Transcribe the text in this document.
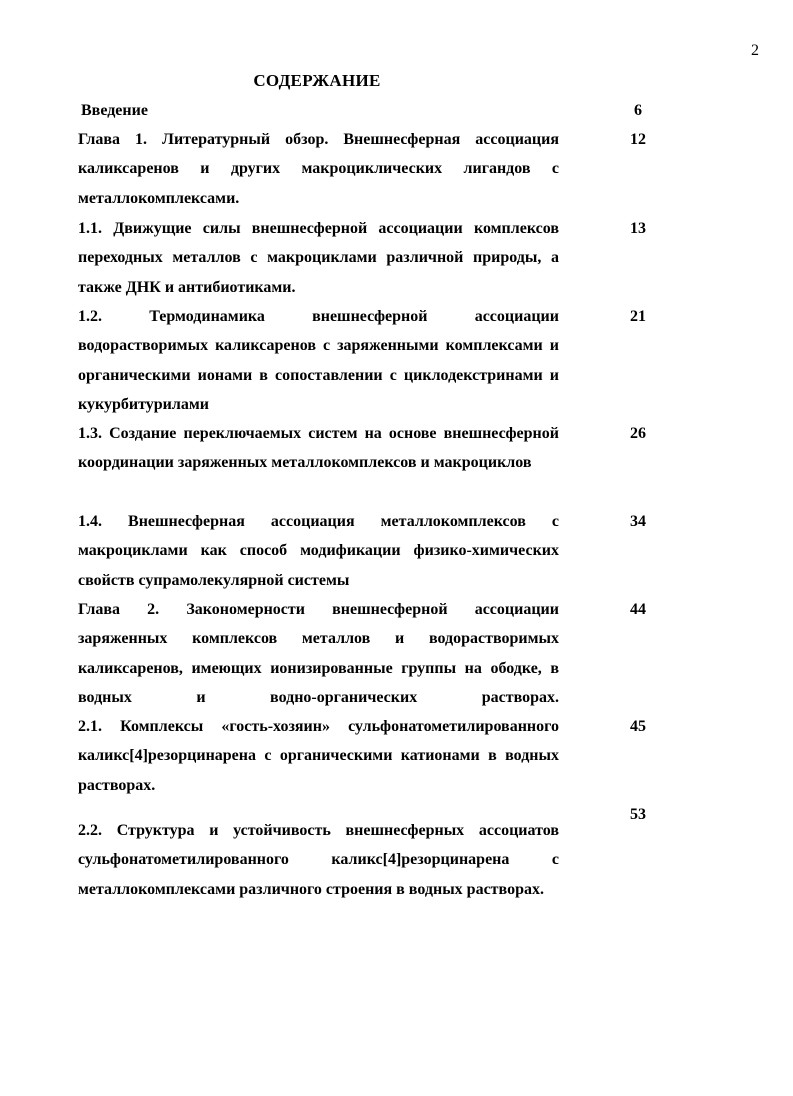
2
СОДЕРЖАНИЕ
Введение	6
Глава 1. Литературный обзор. Внешнесферная ассоциация каликсаренов и других макроциклических лигандов с металлокомплексами.
12
1.1. Движущие силы внешнесферной ассоциации комплексов переходных металлов с макроциклами различной природы, а также ДНК и антибиотиками.
13
1.2. Термодинамика внешнесферной ассоциации водорастворимых каликсаренов с заряженными комплексами и органическими ионами в сопоставлении с циклодекстринами и кукурбитурилами
21
1.3. Создание переключаемых систем на основе внешнесферной координации заряженных металлокомплексов и макроциклов
26
1.4. Внешнесферная ассоциация металлокомплексов с макроциклами как способ модификации физико-химических свойств супрамолекулярной системы
34
Глава 2. Закономерности внешнесферной ассоциации заряженных комплексов металлов и водорастворимых каликсаренов, имеющих ионизированные группы на ободке, в водных и водно-органических растворах.
44
2.1. Комплексы «гость-хозяин» сульфонатометилированного каликс[4]резорцинарена с органическими катионами в водных растворах.
45
2.2. Структура и устойчивость внешнесферных ассоциатов сульфонатометилированного каликс[4]резорцинарена с металлокомплексами различного строения в водных растворах.
53
